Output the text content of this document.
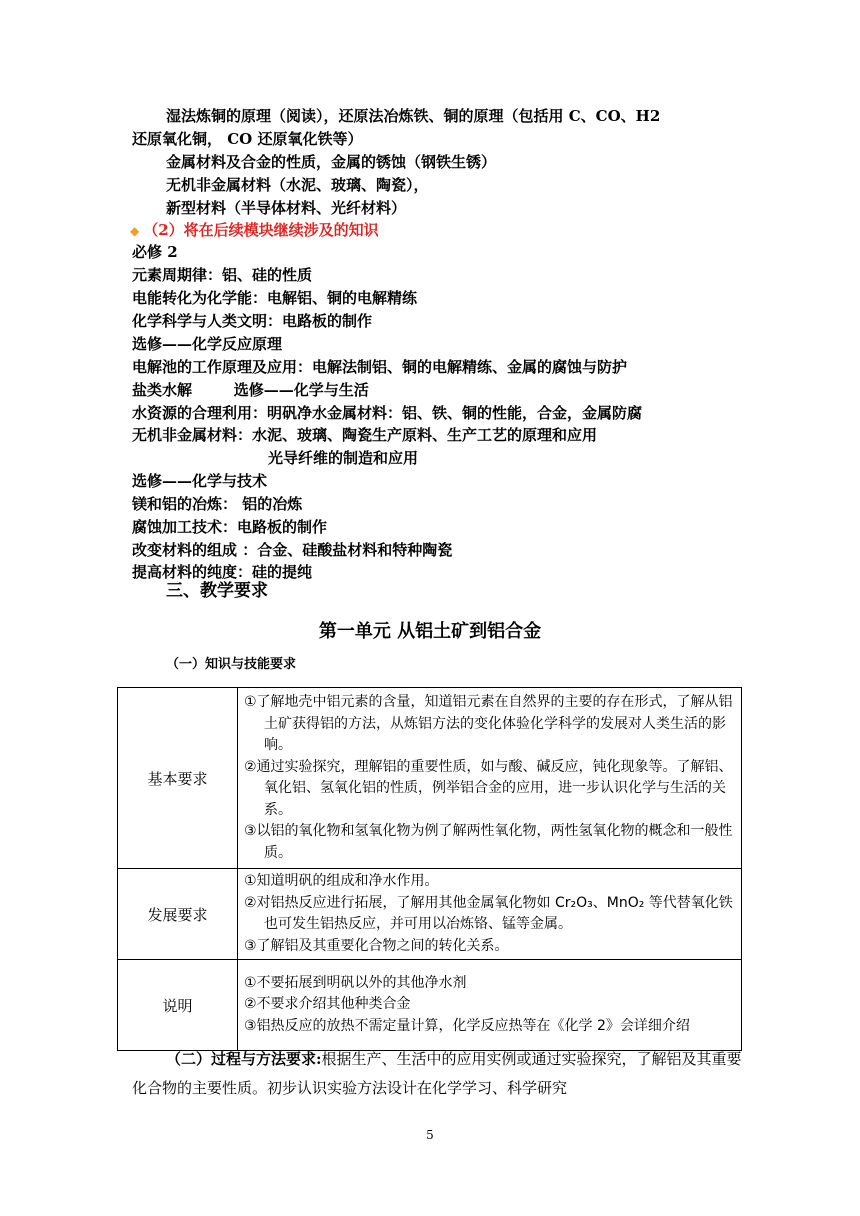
湿法炼铜的原理（阅读），还原法冶炼铁、铜的原理（包括用 C、CO、H2
还原氧化铜， CO 还原氧化铁等）
金属材料及合金的性质，金属的锈蚀（钢铁生锈）
无机非金属材料（水泥、玻璃、陶瓷），
新型材料（半导体材料、光纤材料）
◆ （2）将在后续模块继续涉及的知识
必修 2
元素周期律：铝、硅的性质
电能转化为化学能：电解铝、铜的电解精练
化学科学与人类文明：电路板的制作
选修——化学反应原理
电解池的工作原理及应用：电解法制铝、铜的电解精练、金属的腐蚀与防护
盐类水解        选修——化学与生活
水资源的合理利用：明矾净水金属材料：铝、铁、铜的性能，合金，金属防腐
无机非金属材料：水泥、玻璃、陶瓷生产原料、生产工艺的原理和应用
光导纤维的制造和应用
选修——化学与技术
镁和铝的冶炼： 铝的冶炼
腐蚀加工技术：电路板的制作
改变材料的组成 ：合金、硅酸盐材料和特种陶瓷
提高材料的纯度：硅的提纯
三、教学要求
第一单元 从铝土矿到铝合金
（一）知识与技能要求
基本要求	①了解地壳中铝元素的含量，知道铝元素在自然界的主要的存在形式，了解从铝土矿获得铝的方法，从炼铝方法的变化体验化学科学的发展对人类生活的影响。
②通过实验探究，理解铝的重要性质，如与酸、碱反应，钝化现象等。了解铝、氧化铝、氢氧化铝的性质，例举铝合金的应用，进一步认识化学与生活的关系。
③以铝的氧化物和氢氧化物为例了解两性氧化物，两性氢氧化物的概念和一般性质。

发展要求	①知道明矾的组成和净水作用。
②对铝热反应进行拓展，了解用其他金属氧化物如 Cr₂O₃、MnO₂ 等代替氧化铁也可发生铝热反应，并可用以冶炼铬、锰等金属。
③了解铝及其重要化合物之间的转化关系。

说明	①不要拓展到明矾以外的其他净水剂
②不要求介绍其他种类合金
③铝热反应的放热不需定量计算，化学反应热等在《化学 2》会详细介绍
（二）过程与方法要求:根据生产、生活中的应用实例或通过实验探究，了解铝及其重要化合物的主要性质。初步认识实验方法设计在化学学习、科学研究
5
